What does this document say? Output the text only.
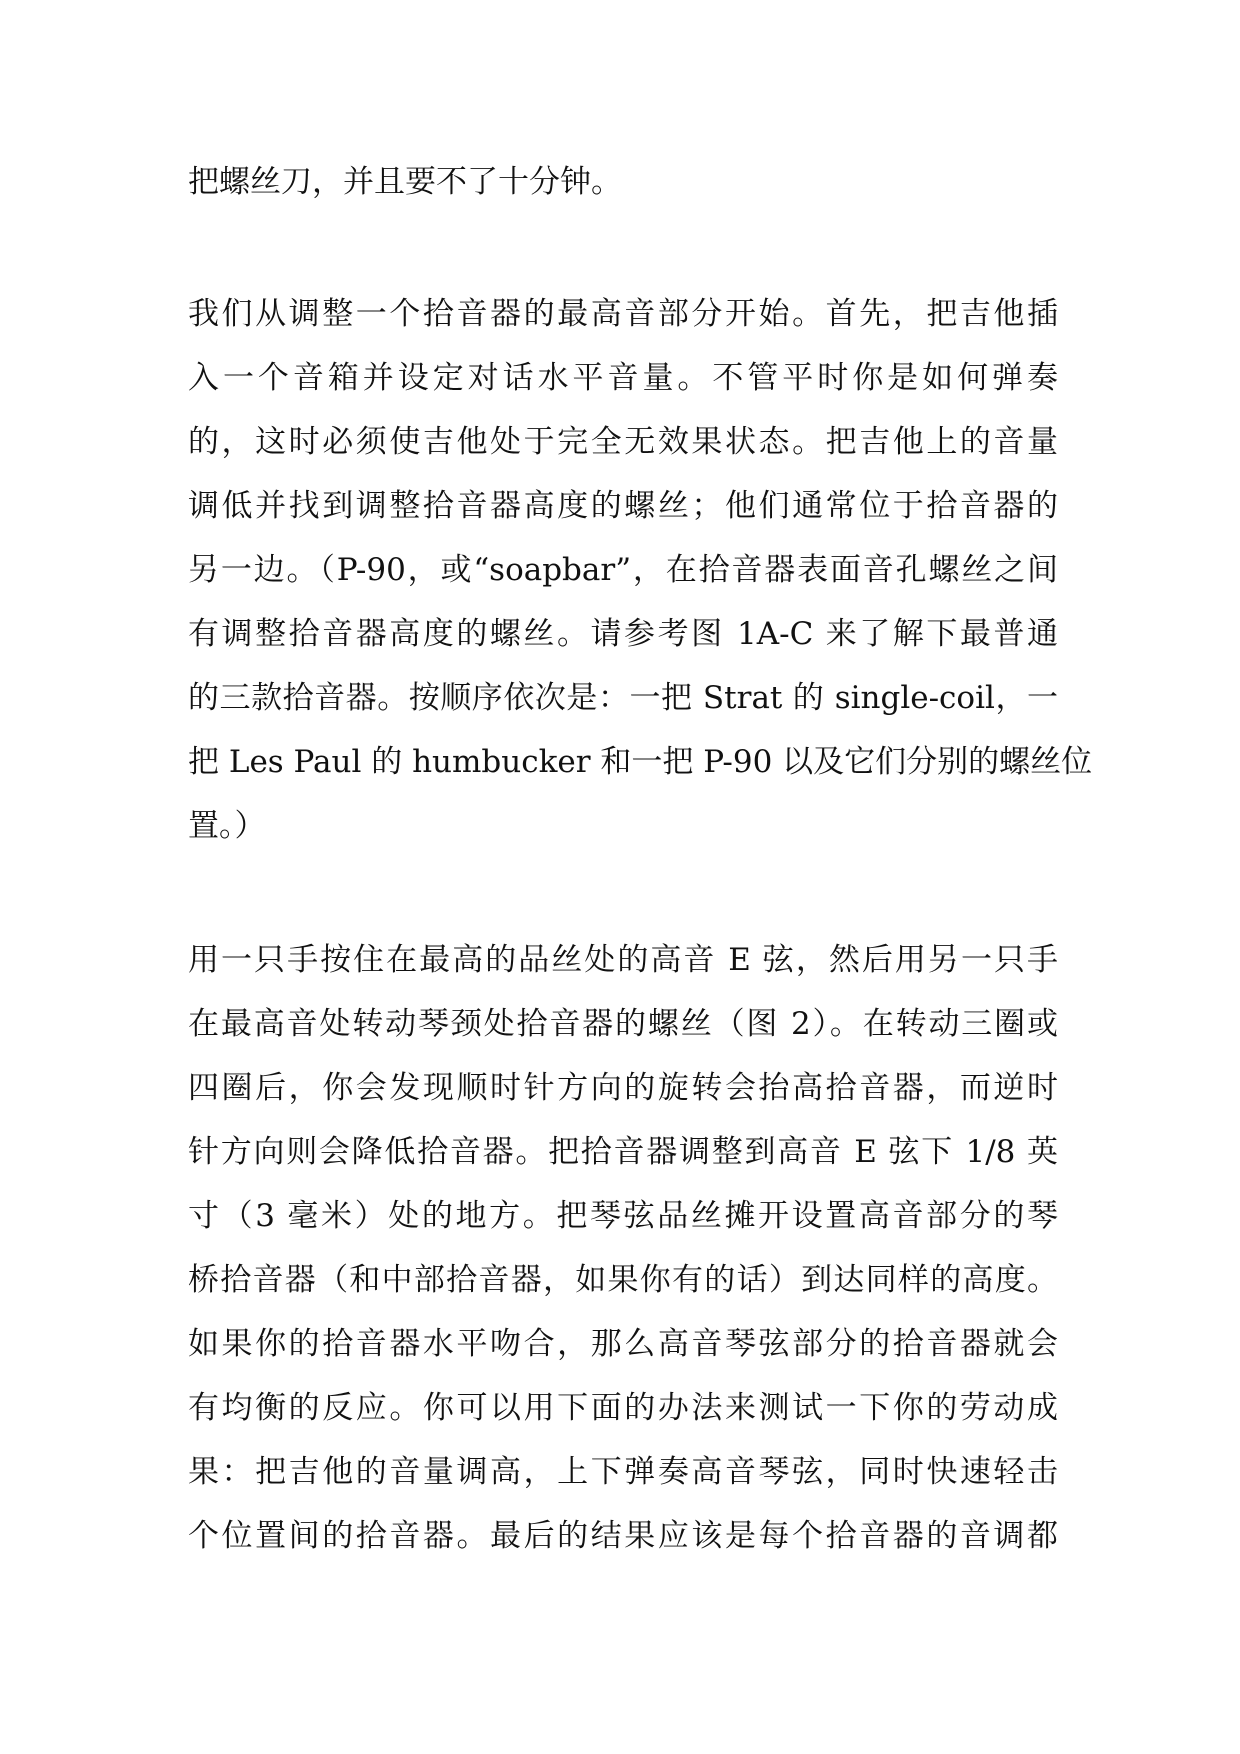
把螺丝刀，并且要不了十分钟。
我们从调整一个拾音器的最高音部分开始。首先，把吉他插
入一个音箱并设定对话水平音量。不管平时你是如何弹奏
的，这时必须使吉他处于完全无效果状态。把吉他上的音量
调低并找到调整拾音器高度的螺丝；他们通常位于拾音器的
另一边。（P-90，或“soapbar”，在拾音器表面音孔螺丝之间
有调整拾音器高度的螺丝。请参考图 1A-C 来了解下最普通
的三款拾音器。按顺序依次是：一把 Strat 的 single-coil，一
把 Les Paul 的 humbucker 和一把 P-90 以及它们分别的螺丝位
置。）
用一只手按住在最高的品丝处的高音 E 弦，然后用另一只手
在最高音处转动琴颈处拾音器的螺丝（图 2）。在转动三圈或
四圈后，你会发现顺时针方向的旋转会抬高拾音器，而逆时
针方向则会降低拾音器。把拾音器调整到高音 E 弦下 1/8 英
寸（3 毫米）处的地方。把琴弦品丝摊开设置高音部分的琴
桥拾音器（和中部拾音器，如果你有的话）到达同样的高度。
如果你的拾音器水平吻合，那么高音琴弦部分的拾音器就会
有均衡的反应。你可以用下面的办法来测试一下你的劳动成
果：把吉他的音量调高，上下弹奏高音琴弦，同时快速轻击
个位置间的拾音器。最后的结果应该是每个拾音器的音调都
